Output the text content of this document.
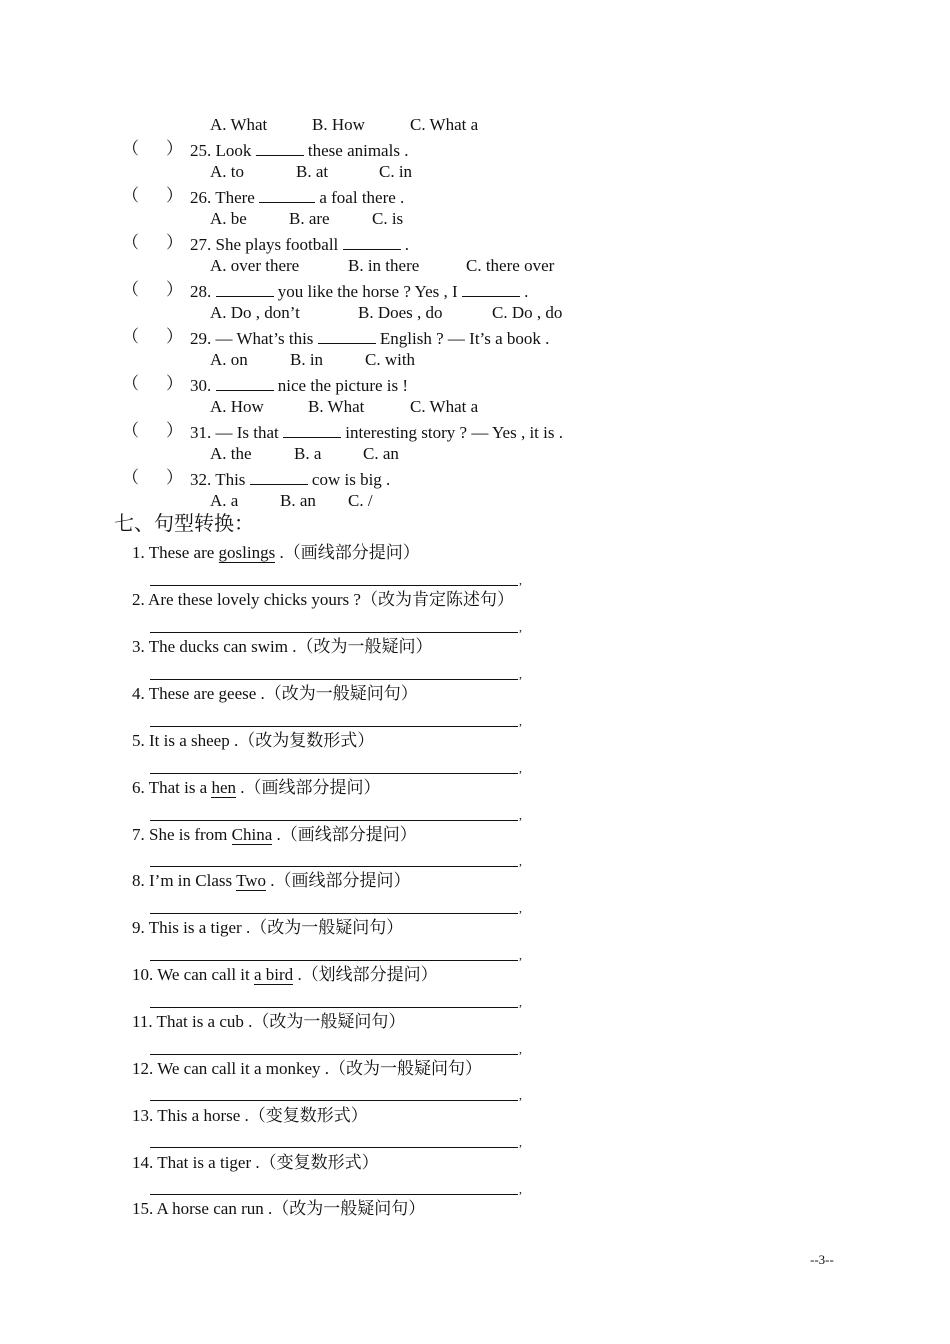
A. What	B. How	C. What a
（ ） 25. Look	these animals .
A. to	B. at	C. in
（ ） 26. There	a foal there .
A. be B. are C. is
（ ） 27. She plays football	.
A. over there	B. in there	C. there over
（ ） 28.	you like the horse ? Yes , I	.
A. Do , don’t	B. Does , do	C. Do , do
（ ） 29. — What’s this	English ? — It’s a book .
A. on B. in C. with
（ ） 30.	nice the picture is !
A. How	B. What	C. What a
（ ） 31. — Is that	interesting story ? — Yes , it is .
A. the B. a C. an
（ ） 32. This	cow is big .
A. a B. an C. /
七、句型转换：
1. These are goslings .（画线部分提问）
,
2. Are these lovely chicks yours ?（改为肯定陈述句）
,
3. The ducks can swim .（改为一般疑问）
,
4. These are geese .（改为一般疑问句）
,
5. It is a sheep .（改为复数形式）
,
6. That is a hen .（画线部分提问）
,
7. She is from China .（画线部分提问）
,
8. I’m in Class Two .（画线部分提问）
,
9. This is a tiger .（改为一般疑问句）
,
10. We can call it a bird .（划线部分提问）
,
11. That is a cub .（改为一般疑问句）
,
12. We can call it a monkey .（改为一般疑问句）
,
13. This a horse .（变复数形式）
,
14. That is a tiger .（变复数形式）
,
15. A horse can run .（改为一般疑问句）
--3--
